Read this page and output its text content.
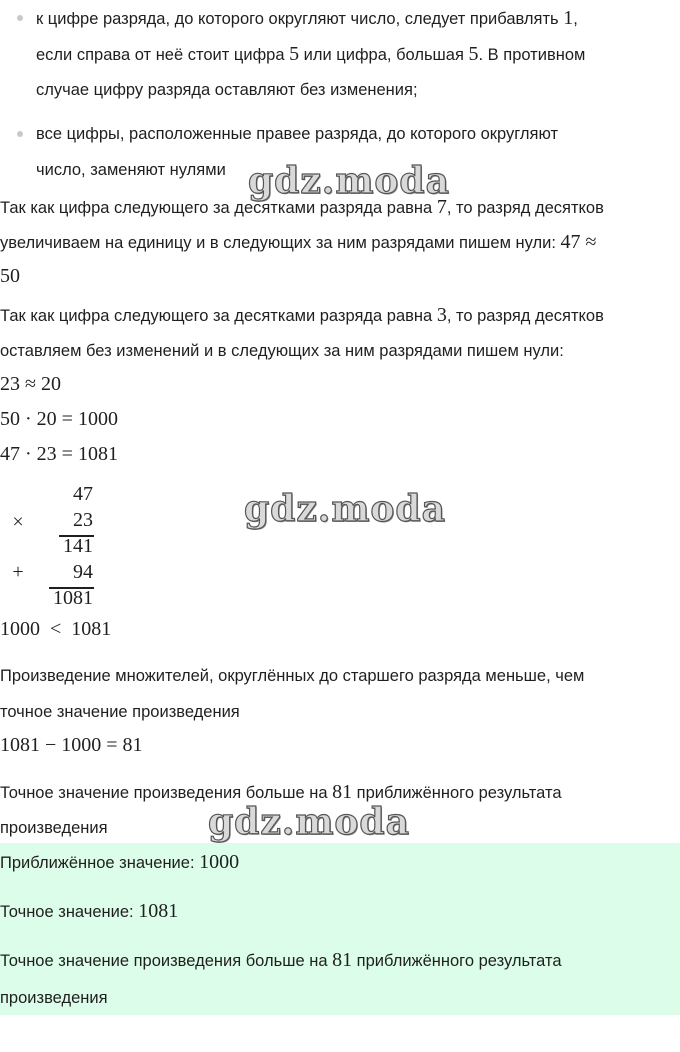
к цифре разряда, до которого округляют число, следует прибавлять 1,
если справа от неё стоит цифра 5 или цифра, большая 5. В противном
случае цифру разряда оставляют без изменения;
все цифры, расположенные правее разряда, до которого округляют
число, заменяют нулями
Так как цифра следующего за десятками разряда равна 7, то разряд десятков
увеличиваем на единицу и в следующих за ним разрядами пишем нули: 47 ≈
50
Так как цифра следующего за десятками разряда равна 3, то разряд десятков
оставляем без изменений и в следующих за ним разрядами пишем нули:
23 ≈ 20
50 · 20 = 1000
47 · 23 = 1081
47
×	23
141
+	94
1081
1000  <  1081
Произведение множителей, округлённых до старшего разряда меньше, чем
точное значение произведения
1081 − 1000 = 81
Точное значение произведения больше на 81 приближённого результата
произведения
Приближённое значение: 1000
Точное значение: 1081
Точное значение произведения больше на 81 приближённого результата
произведения
gdz.moda
gdz.moda
gdz.moda
